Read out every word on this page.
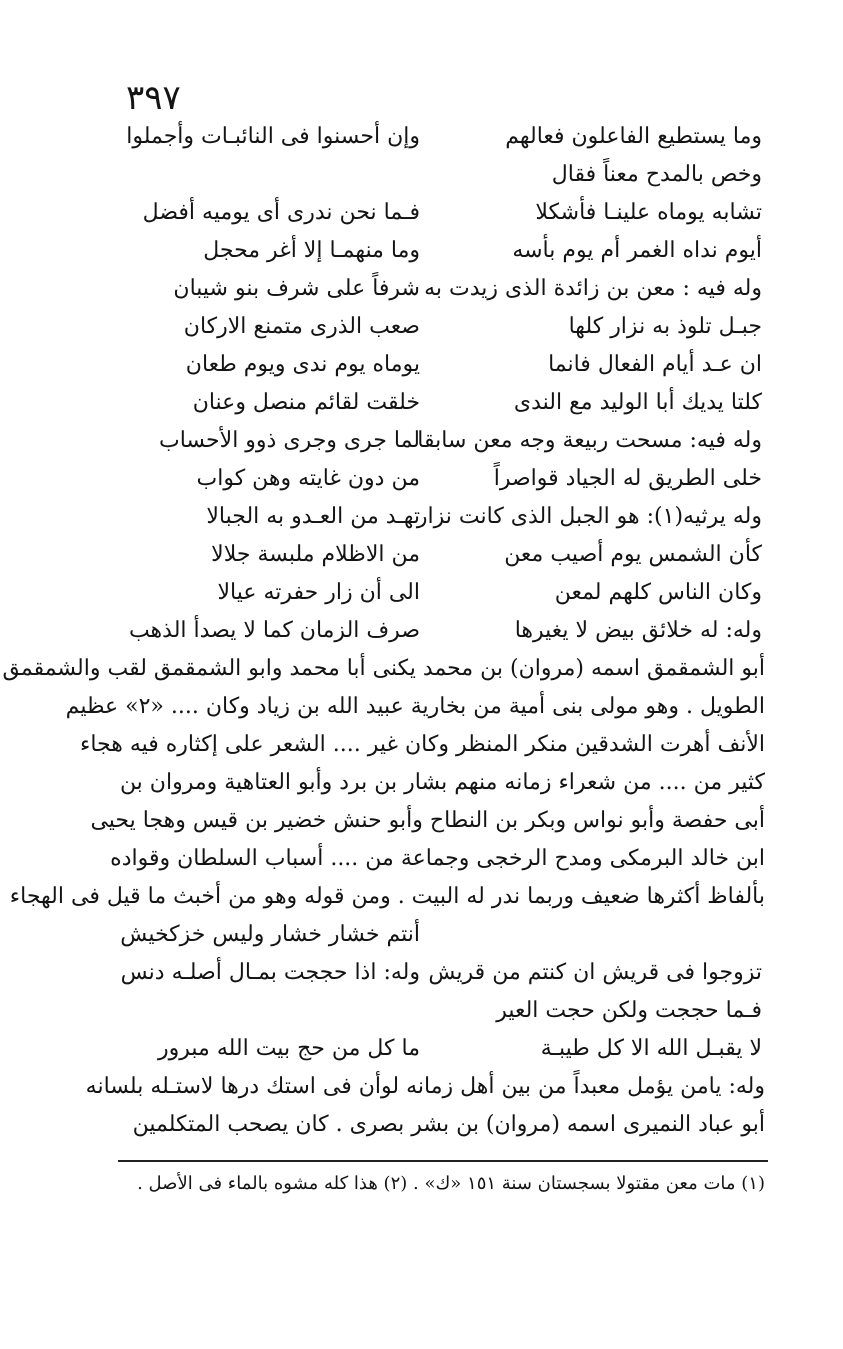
٣٩٧
وما يستطيع الفاعلون فعالهم
وإن أحسنوا فى النائبـات وأجملوا
وخص بالمدح معناً فقال
تشابه يوماه علينـا فأشكلا
فـما نحن ندرى أى يوميه أفضل
أيوم نداه الغمر أم يوم بأسه
وما منهمـا إلا أغر محجل
وله فيه : معن بن زائدة الذى زيدت به
شرفاً على شرف بنو شيبان
جبـل تلوذ به نزار كلها
صعب الذرى متمنع الاركان
ان عـد أيام الفعال فانما
يوماه يوم ندى ويوم طعان
كلتا يديك أبا الوليد مع الندى
خلقت لقائم منصل وعنان
وله فيه: مسحت ربيعة وجه معن سابقا
لما جرى وجرى ذوو الأحساب
خلى الطريق له الجياد قواصراً
من دون غايته وهن كواب
وله يرثيه(١): هو الجبل الذى كانت نزار
تهـد من العـدو به الجبالا
كأن الشمس يوم أصيب معن
من الاظلام ملبسة جلالا
وكان الناس كلهم لمعن
الى أن زار حفرته عيالا
وله: له خلائق بيض لا يغيرها
صرف الزمان كما لا يصدأ الذهب
أبو الشمقمق اسمه (مروان) بن محمد يكنى أبا محمد وابو الشمقمق لقب والشمقمق
الطويل . وهو مولى بنى أمية من بخارية عبيد الله بن زياد وكان .... «٢» عظيم
الأنف أهرت الشدقين منكر المنظر وكان غير .... الشعر على إكثاره فيه هجاء
كثير من .... من شعراء زمانه منهم بشار بن برد وأبو العتاهية ومروان بن
أبى حفصة وأبو نواس وبكر بن النطاح وأبو حنش خضير بن قيس وهجا يحيى
ابن خالد البرمكى ومدح الرخجى وجماعة من .... أسباب السلطان وقواده
بألفاظ أكثرها ضعيف وربما ندر له البيت . ومن قوله وهو من أخبث ما قيل فى الهجاء
أنتم خشار خشار وليس خزكخيش
تزوجوا فى قريش ان كنتم من قريش
وله: اذا حججت بمـال أصلـه دنس
فـما حججت ولكن حجت العير
لا يقبـل الله الا كل طيبـة
ما كل من حج بيت الله مبرور
وله: يامن يؤمل معبداً من بين أهل زمانه لوأن فى استك درها لاستـله بلسانه
أبو عباد النميرى اسمه (مروان) بن بشر بصرى . كان يصحب المتكلمين
(١) مات معن مقتولا بسجستان سنة ١٥١ «ك» . (٢) هذا كله مشوه بالماء فى الأصل .
